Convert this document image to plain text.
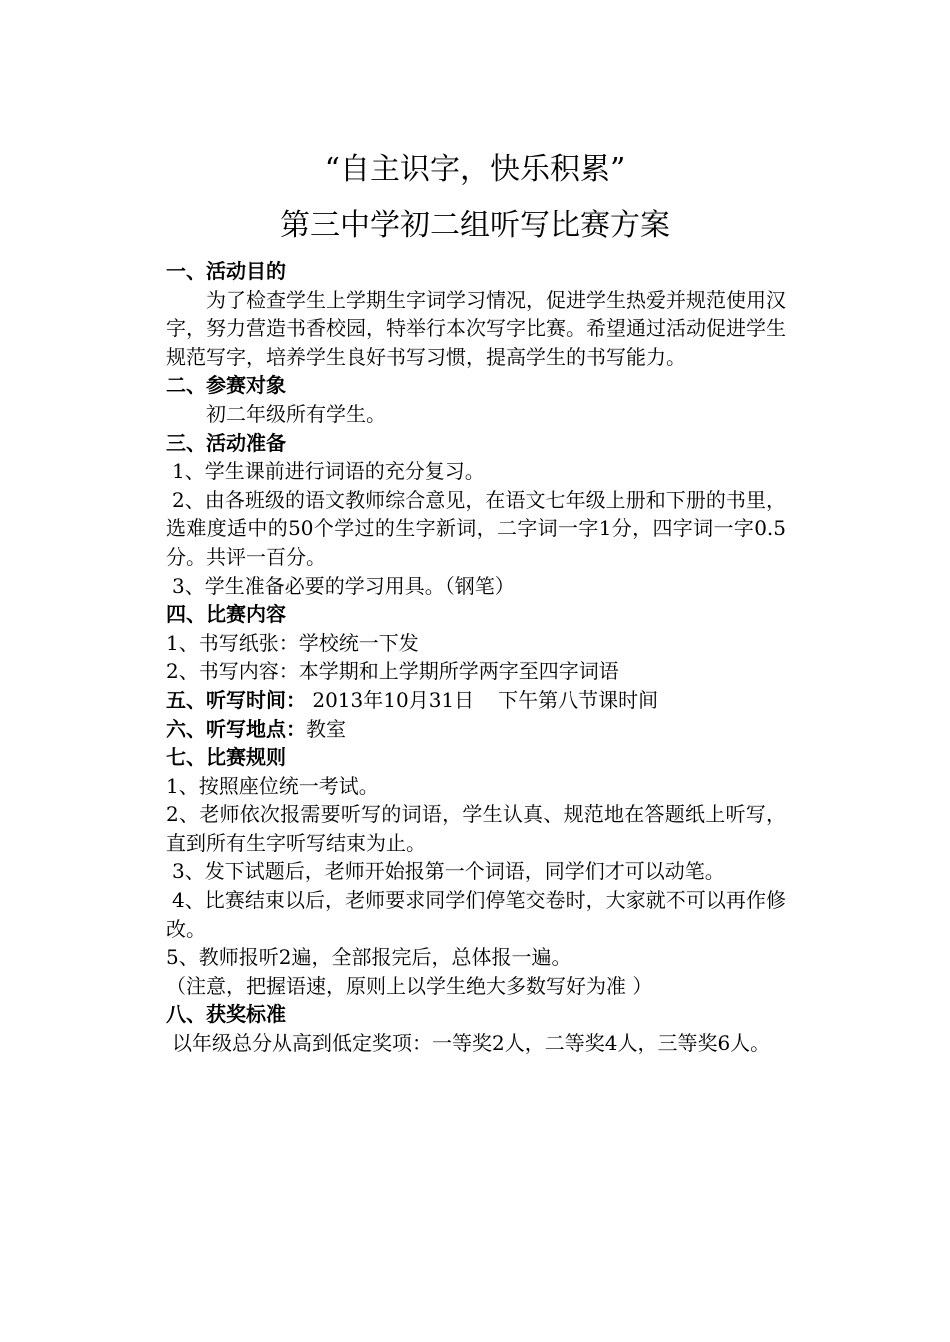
“自主识字，快乐积累”
第三中学初二组听写比赛方案

一、活动目的

为了检查学生上学期生字词学习情况，促进学生热爱并规范使用汉字，努力营造书香校园，特举行本次写字比赛。希望通过活动促进学生规范写字，培养学生良好书写习惯，提高学生的书写能力。

二、参赛对象

初二年级所有学生。

三、活动准备

1、学生课前进行词语的充分复习。

2、由各班级的语文教师综合意见，在语文七年级上册和下册的书里，选难度适中的50个学过的生字新词，二字词一字1分，四字词一字0.5分。共评一百分。

3、学生准备必要的学习用具。（钢笔）

四、比赛内容

1、书写纸张：学校统一下发

2、书写内容：本学期和上学期所学两字至四字词语

五、听写时间： 2013年10月31日 下午第八节课时间

六、听写地点：教室

七、比赛规则

1、按照座位统一考试。

2、老师依次报需要听写的词语，学生认真、规范地在答题纸上听写，直到所有生字听写结束为止。

3、发下试题后，老师开始报第一个词语，同学们才可以动笔。

4、比赛结束以后，老师要求同学们停笔交卷时，大家就不可以再作修改。

5、教师报听2遍，全部报完后，总体报一遍。

（注意，把握语速，原则上以学生绝大多数写好为准 ）

八、获奖标准

以年级总分从高到低定奖项：一等奖2人，二等奖4人，三等奖6人。
